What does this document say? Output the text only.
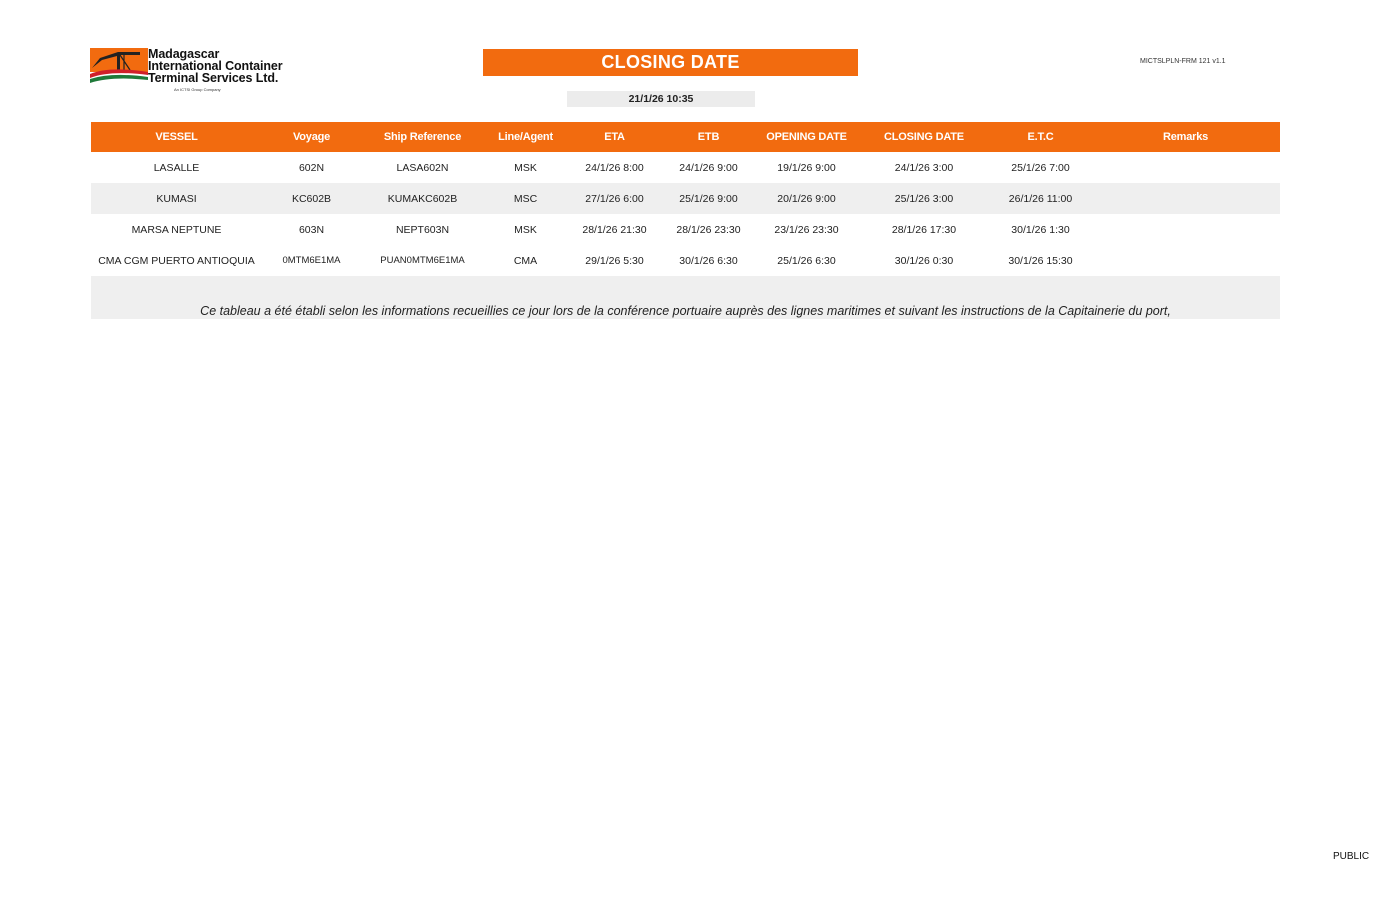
Madagascar
International Container
Terminal Services Ltd.
An ICTSI Group Company
CLOSING DATE
21/1/26 10:35
MICTSLPLN-FRM 121 v1.1
VESSEL	Voyage	Ship Reference	Line/Agent	ETA	ETB	OPENING DATE	CLOSING DATE	E.T.C	Remarks
LASALLE	602N	LASA602N	MSK	24/1/26 8:00	24/1/26 9:00	19/1/26 9:00	24/1/26 3:00	25/1/26 7:00
KUMASI	KC602B	KUMAKC602B	MSC	27/1/26 6:00	25/1/26 9:00	20/1/26 9:00	25/1/26 3:00	26/1/26 11:00
MARSA NEPTUNE	603N	NEPT603N	MSK	28/1/26 21:30	28/1/26 23:30	23/1/26 23:30	28/1/26 17:30	30/1/26 1:30
CMA CGM PUERTO ANTIOQUIA	0MTM6E1MA	PUAN0MTM6E1MA	CMA	29/1/26 5:30	30/1/26 6:30	25/1/26 6:30	30/1/26 0:30	30/1/26 15:30
Ce tableau a été établi selon les informations recueillies ce jour lors de la conférence portuaire auprès des lignes maritimes et suivant les instructions de la Capitainerie du port,
PUBLIC
